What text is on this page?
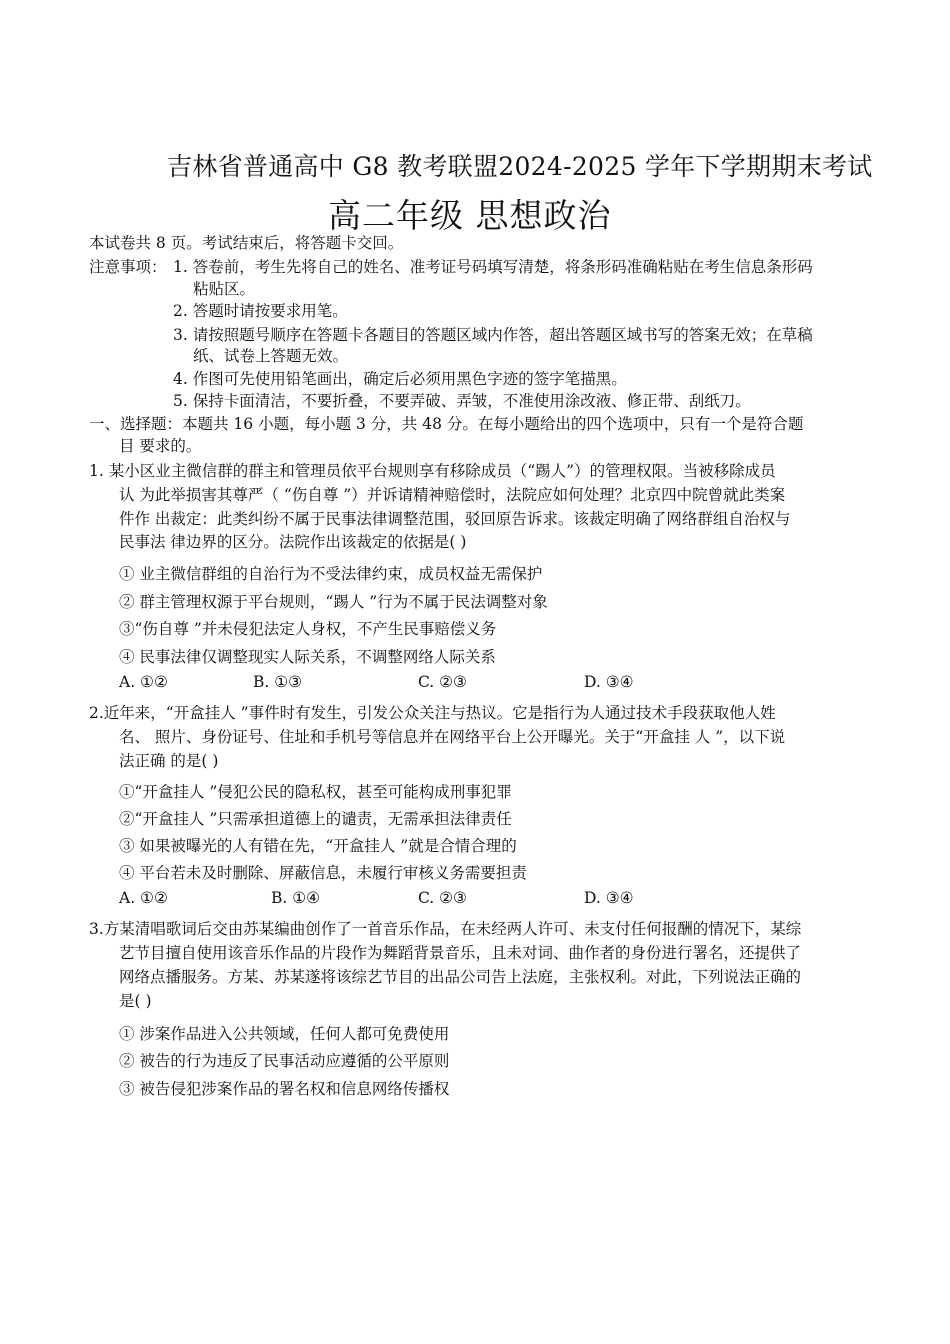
吉林省普通高中 G8 教考联盟2024-2025 学年下学期期末考试
高二年级 思想政治
本试卷共 8 页。考试结束后，将答题卡交回。
注意事项： 1. 答卷前，考生先将自己的姓名、准考证号码填写清楚，将条形码准确粘贴在考生信息条形码
粘贴区。
2. 答题时请按要求用笔。
3. 请按照题号顺序在答题卡各题目的答题区域内作答，超出答题区域书写的答案无效；在草稿
纸、试卷上答题无效。
4. 作图可先使用铅笔画出，确定后必须用黑色字迹的签字笔描黑。
5. 保持卡面清洁，不要折叠，不要弄破、弄皱，不准使用涂改液、修正带、刮纸刀。
一、选择题：本题共 16 小题，每小题 3 分，共 48 分。在每小题给出的四个选项中，只有一个是符合题
目 要求的。
1. 某小区业主微信群的群主和管理员依平台规则享有移除成员（“踢人”）的管理权限。当被移除成员
认 为此举损害其尊严（ “伤自尊 ”）并诉请精神赔偿时，法院应如何处理？北京四中院曾就此类案
件作 出裁定：此类纠纷不属于民事法律调整范围，驳回原告诉求。该裁定明确了网络群组自治权与
民事法 律边界的区分。法院作出该裁定的依据是( )
① 业主微信群组的自治行为不受法律约束，成员权益无需保护
② 群主管理权源于平台规则，“踢人 ”行为不属于民法调整对象
③“伤自尊 ”并未侵犯法定人身权，不产生民事赔偿义务
④ 民事法律仅调整现实人际关系，不调整网络人际关系
A. ①②	B. ①③	C. ②③	D. ③④
2.近年来，“开盒挂人 ”事件时有发生，引发公众关注与热议。它是指行为人通过技术手段获取他人姓
名、 照片、身份证号、住址和手机号等信息并在网络平台上公开曝光。关于“开盒挂 人 ”，以下说
法正确 的是( )
①“开盒挂人 ”侵犯公民的隐私权，甚至可能构成刑事犯罪
②“开盒挂人 ”只需承担道德上的谴责，无需承担法律责任
③ 如果被曝光的人有错在先，“开盒挂人 ”就是合情合理的
④ 平台若未及时删除、屏蔽信息，未履行审核义务需要担责
A. ①②	B. ①④	C. ②③	D. ③④
3.方某清唱歌词后交由苏某编曲创作了一首音乐作品，在未经两人许可、未支付任何报酬的情况下，某综
艺节目擅自使用该音乐作品的片段作为舞蹈背景音乐，且未对词、曲作者的身份进行署名，还提供了
网络点播服务。方某、苏某遂将该综艺节目的出品公司告上法庭，主张权利。对此，下列说法正确的
是( )
① 涉案作品进入公共领域，任何人都可免费使用
② 被告的行为违反了民事活动应遵循的公平原则
③ 被告侵犯涉案作品的署名权和信息网络传播权
